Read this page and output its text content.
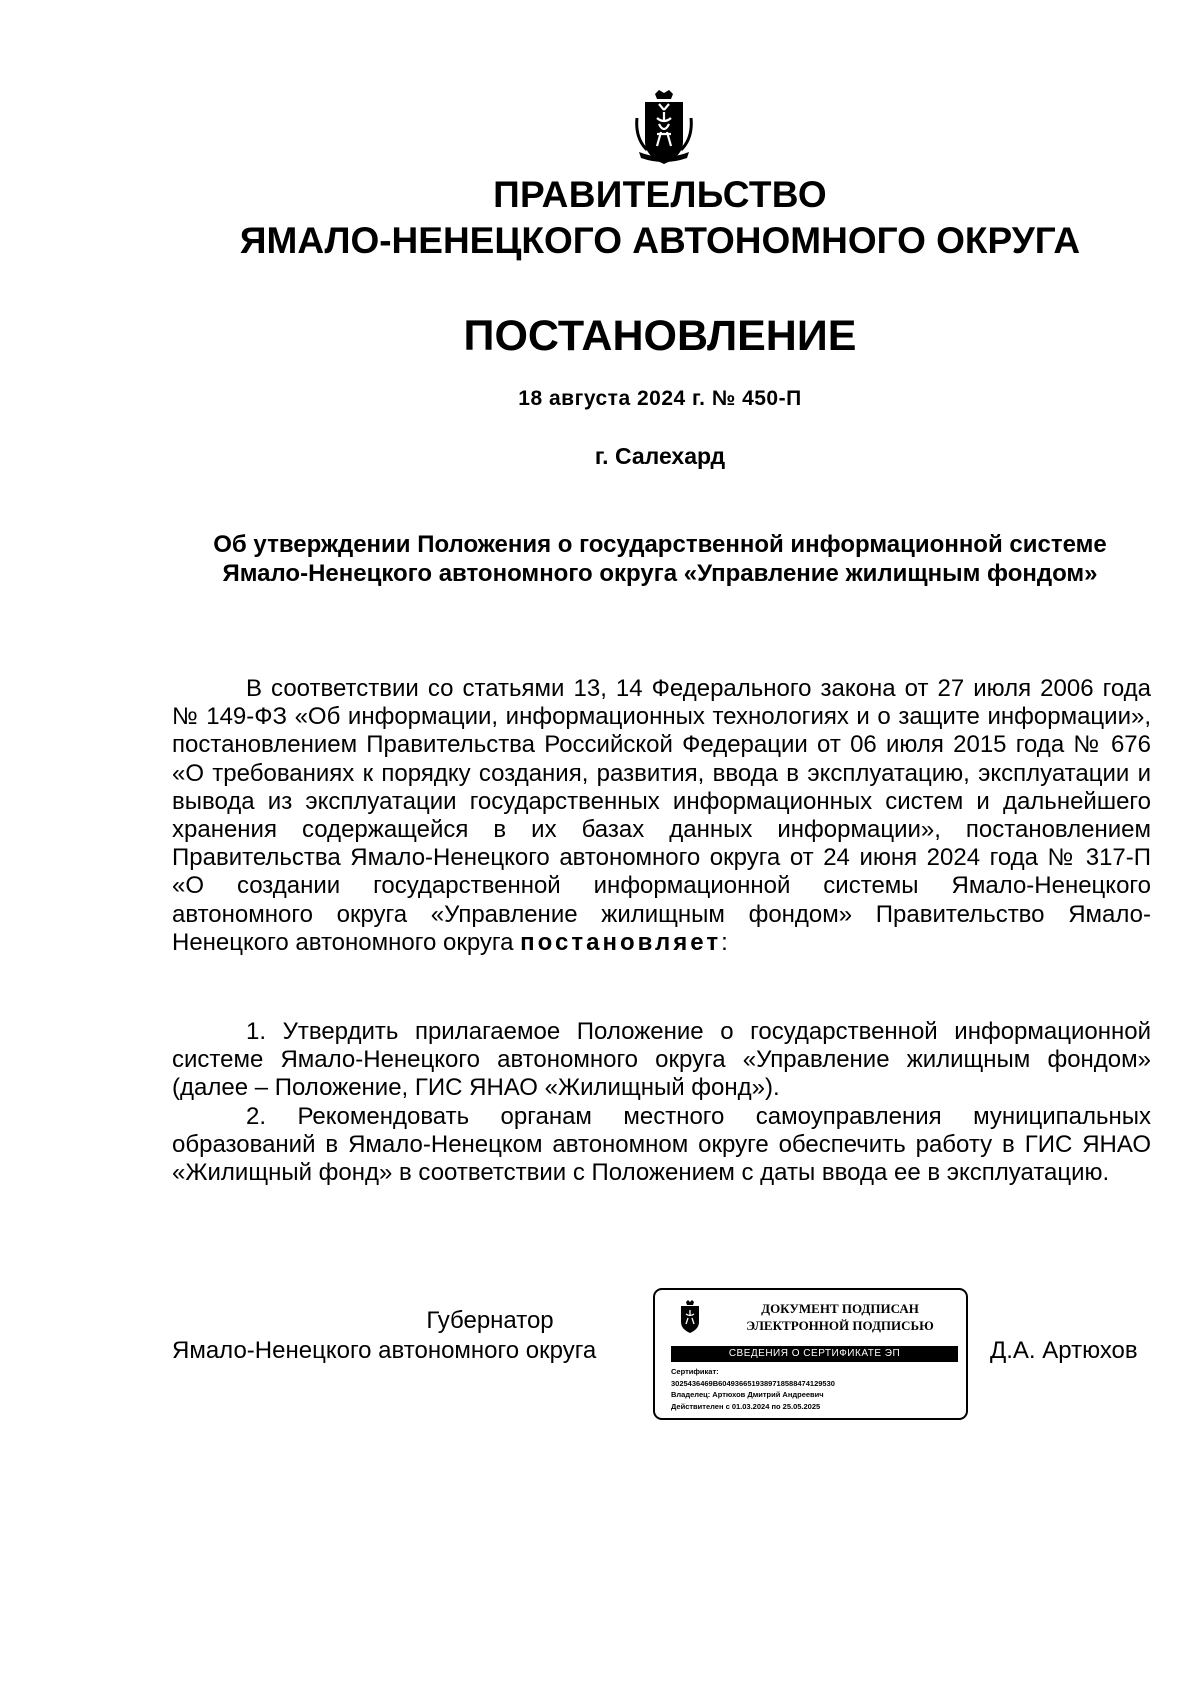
ПРАВИТЕЛЬСТВО
ЯМАЛО-НЕНЕЦКОГО АВТОНОМНОГО ОКРУГА
ПОСТАНОВЛЕНИЕ
18 августа 2024 г. № 450-П
г. Салехард
Об утверждении Положения о государственной информационной системе Ямало-Ненецкого автономного округа «Управление жилищным фондом»

В соответствии со статьями 13, 14 Федерального закона от 27 июля 2006 года № 149-ФЗ «Об информации, информационных технологиях и о защите информации», постановлением Правительства Российской Федерации от 06 июля 2015 года № 676 «О требованиях к порядку создания, развития, ввода в эксплуатацию, эксплуатации и вывода из эксплуатации государственных информационных систем и дальнейшего хранения содержащейся в их базах данных информации», постановлением Правительства Ямало-Ненецкого автономного округа от 24 июня 2024 года № 317-П «О создании государственной информационной системы Ямало-Ненецкого автономного округа «Управление жилищным фондом» Правительство Ямало-Ненецкого автономного округа постановляет:

1. Утвердить прилагаемое Положение о государственной информационной системе Ямало-Ненецкого автономного округа «Управление жилищным фондом» (далее – Положение, ГИС ЯНАО «Жилищный фонд»).

2. Рекомендовать органам местного самоуправления муниципальных образований в Ямало-Ненецком автономном округе обеспечить работу в ГИС ЯНАО «Жилищный фонд» в соответствии с Положением с даты ввода ее в эксплуатацию.

Губернатор
Ямало-Ненецкого автономного округа	Д.А. Артюхов
ДОКУМЕНТ ПОДПИСАН
ЭЛЕКТРОННОЙ ПОДПИСЬЮ
СВЕДЕНИЯ О СЕРТИФИКАТЕ ЭП
Сертификат:
3025436469B6049366519389718588474129530
Владелец: Артюхов Дмитрий Андреевич
Действителен с 01.03.2024 по 25.05.2025
